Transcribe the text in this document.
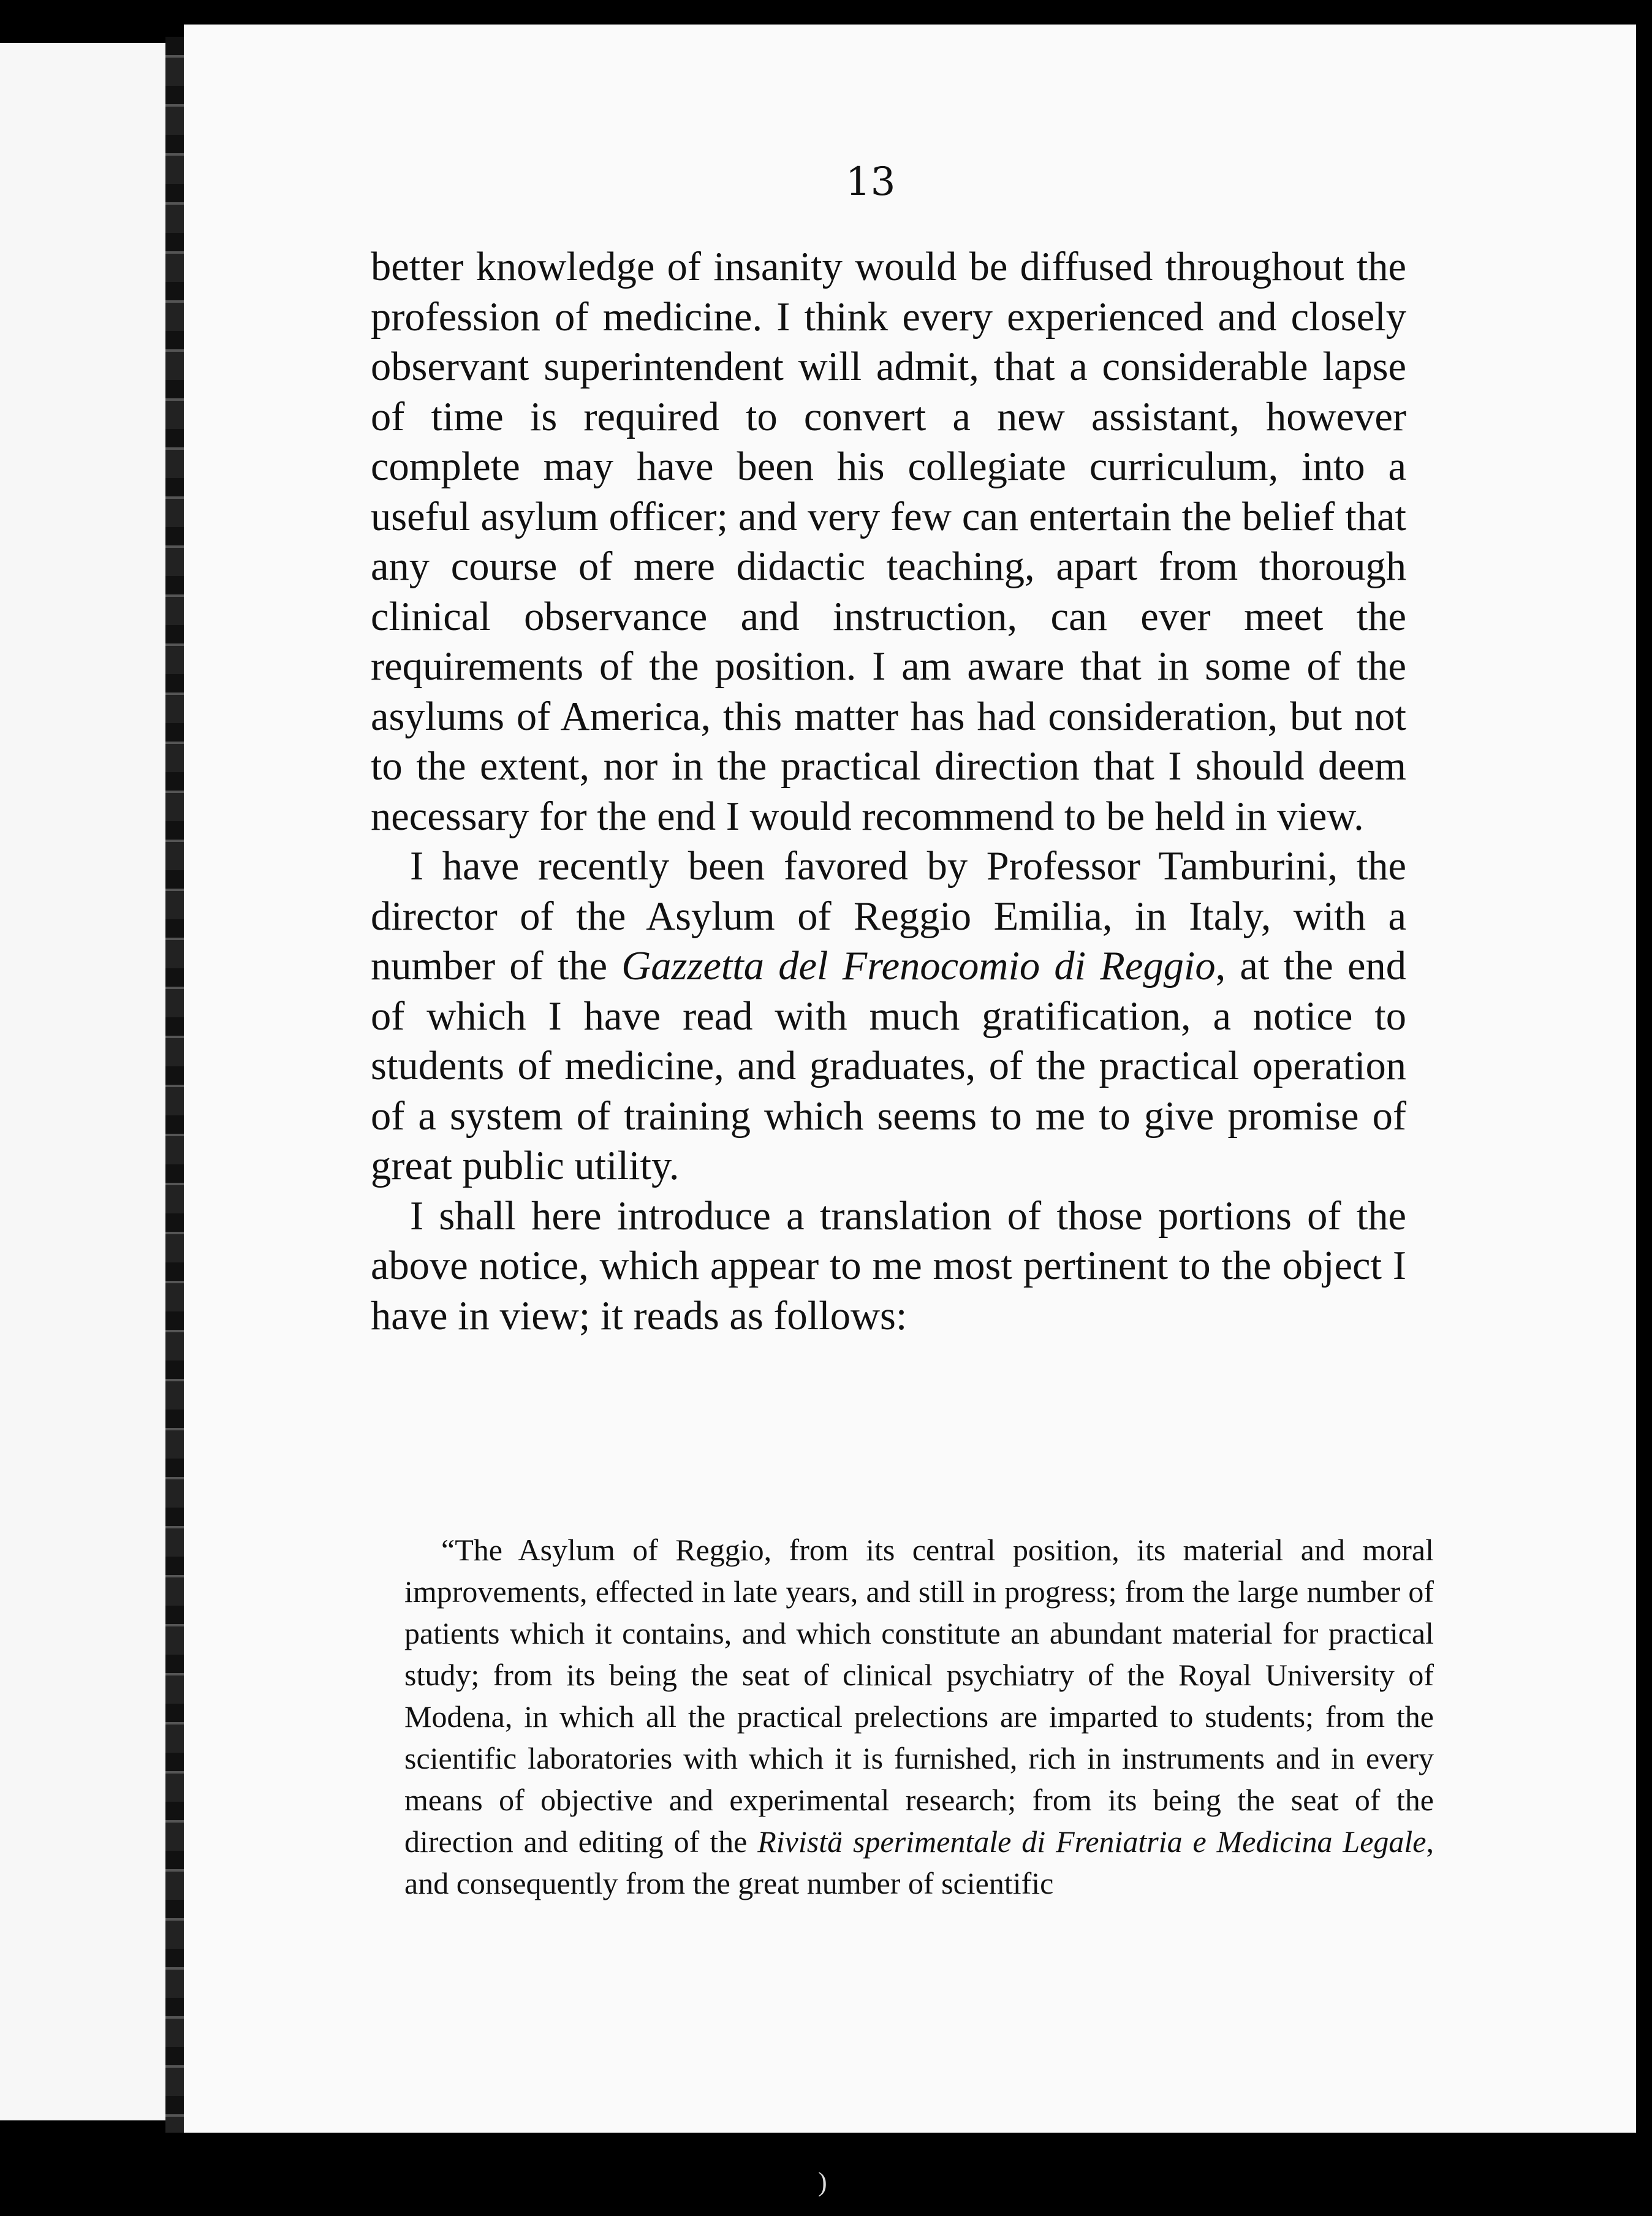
13

better knowledge of insanity would be diffused throughout the profession of medicine. I think every experienced and closely observant superintendent will admit, that a considerable lapse of time is required to convert a new assistant, however complete may have been his collegiate curriculum, into a useful asylum officer; and very few can entertain the belief that any course of mere didactic teaching, apart from thorough clinical observance and instruction, can ever meet the requirements of the position. I am aware that in some of the asylums of America, this matter has had consideration, but not to the extent, nor in the practical direction that I should deem necessary for the end I would recommend to be held in view.

I have recently been favored by Professor Tamburini, the director of the Asylum of Reggio Emilia, in Italy, with a number of the Gazzetta del Frenocomio di Reggio, at the end of which I have read with much gratification, a notice to students of medicine, and graduates, of the practical operation of a system of training which seems to me to give promise of great public utility.

I shall here introduce a translation of those portions of the above notice, which appear to me most pertinent to the object I have in view; it reads as follows:

“The Asylum of Reggio, from its central position, its material and moral improvements, effected in late years, and still in progress; from the large number of patients which it contains, and which constitute an abundant material for practical study; from its being the seat of clinical psychiatry of the Royal University of Modena, in which all the practical prelections are imparted to students; from the scientific laboratories with which it is furnished, rich in instruments and in every means of objective and experimental research; from its being the seat of the direction and editing of the Rivistä sperimentale di Freniatria e Medicina Legale, and consequently from the great number of scientific

)
